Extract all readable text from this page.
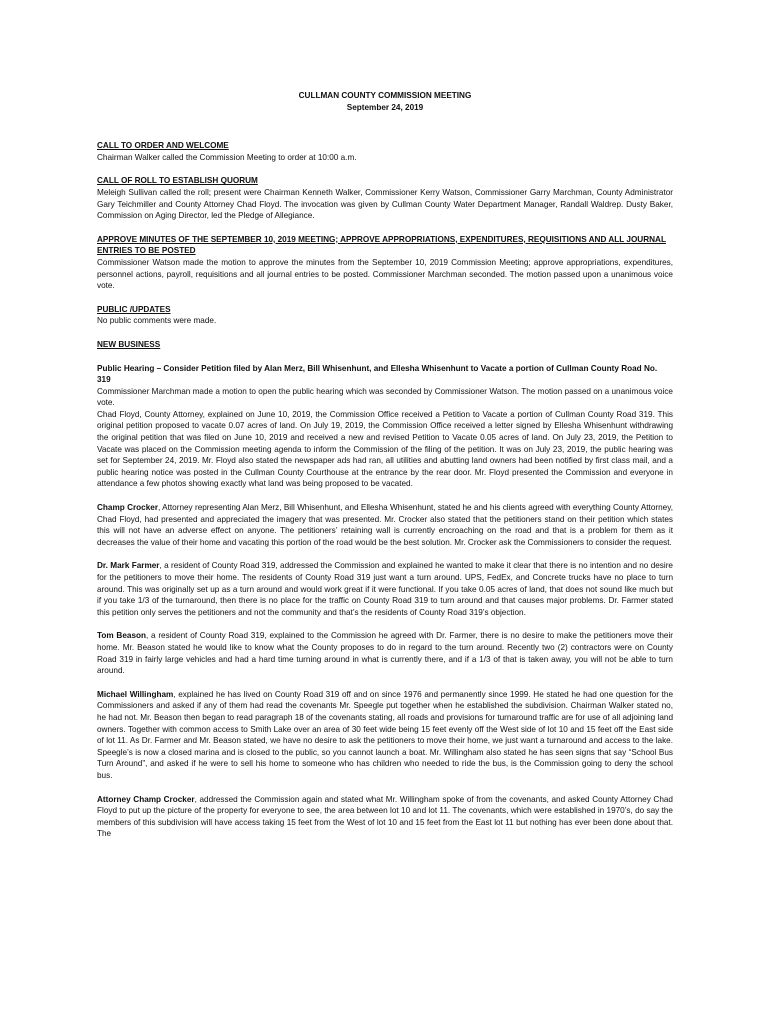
CULLMAN COUNTY COMMISSION MEETING
September 24, 2019
CALL TO ORDER AND WELCOME

Chairman Walker called the Commission Meeting to order at 10:00 a.m.

CALL OF ROLL TO ESTABLISH QUORUM

Meleigh Sullivan called the roll; present were Chairman Kenneth Walker, Commissioner Kerry Watson, Commissioner Garry Marchman, County Administrator Gary Teichmiller and County Attorney Chad Floyd. The invocation was given by Cullman County Water Department Manager, Randall Waldrep. Dusty Baker, Commission on Aging Director, led the Pledge of Allegiance.

APPROVE MINUTES OF THE SEPTEMBER 10, 2019 MEETING; APPROVE APPROPRIATIONS, EXPENDITURES, REQUISITIONS AND ALL JOURNAL ENTRIES TO BE POSTED

Commissioner Watson made the motion to approve the minutes from the September 10, 2019 Commission Meeting; approve appropriations, expenditures, personnel actions, payroll, requisitions and all journal entries to be posted. Commissioner Marchman seconded. The motion passed upon a unanimous voice vote.

PUBLIC /UPDATES

No public comments were made.

NEW BUSINESS
Public Hearing – Consider Petition filed by Alan Merz, Bill Whisenhunt, and Ellesha Whisenhunt to Vacate a portion of Cullman County Road No. 319

Commissioner Marchman made a motion to open the public hearing which was seconded by Commissioner Watson. The motion passed on a unanimous voice vote.

Chad Floyd, County Attorney, explained on June 10, 2019, the Commission Office received a Petition to Vacate a portion of Cullman County Road 319. This original petition proposed to vacate 0.07 acres of land. On July 19, 2019, the Commission Office received a letter signed by Ellesha Whisenhunt withdrawing the original petition that was filed on June 10, 2019 and received a new and revised Petition to Vacate 0.05 acres of land. On July 23, 2019, the Petition to Vacate was placed on the Commission meeting agenda to inform the Commission of the filing of the petition. It was on July 23, 2019, the public hearing was set for September 24, 2019. Mr. Floyd also stated the newspaper ads had ran, all utilities and abutting land owners had been notified by first class mail, and a public hearing notice was posted in the Cullman County Courthouse at the entrance by the rear door. Mr. Floyd presented the Commission and everyone in attendance a few photos showing exactly what land was being proposed to be vacated.

Champ Crocker, Attorney representing Alan Merz, Bill Whisenhunt, and Ellesha Whisenhunt, stated he and his clients agreed with everything County Attorney, Chad Floyd, had presented and appreciated the imagery that was presented. Mr. Crocker also stated that the petitioners stand on their petition which states this will not have an adverse effect on anyone. The petitioners’ retaining wall is currently encroaching on the road and that is a problem for them as it decreases the value of their home and vacating this portion of the road would be the best solution. Mr. Crocker ask the Commissioners to consider the request.

Dr. Mark Farmer, a resident of County Road 319, addressed the Commission and explained he wanted to make it clear that there is no intention and no desire for the petitioners to move their home. The residents of County Road 319 just want a turn around. UPS, FedEx, and Concrete trucks have no place to turn around. This was originally set up as a turn around and would work great if it were functional. If you take 0.05 acres of land, that does not sound like much but if you take 1/3 of the turnaround, then there is no place for the traffic on County Road 319 to turn around and that causes major problems. Dr. Farmer stated this petition only serves the petitioners and not the community and that’s the residents of County Road 319’s objection.

Tom Beason, a resident of County Road 319, explained to the Commission he agreed with Dr. Farmer, there is no desire to make the petitioners move their home. Mr. Beason stated he would like to know what the County proposes to do in regard to the turn around. Recently two (2) contractors were on County Road 319 in fairly large vehicles and had a hard time turning around in what is currently there, and if a 1/3 of that is taken away, you will not be able to turn around.

Michael Willingham, explained he has lived on County Road 319 off and on since 1976 and permanently since 1999. He stated he had one question for the Commissioners and asked if any of them had read the covenants Mr. Speegle put together when he established the subdivision. Chairman Walker stated no, he had not. Mr. Beason then began to read paragraph 18 of the covenants stating, all roads and provisions for turnaround traffic are for use of all adjoining land owners. Together with common access to Smith Lake over an area of 30 feet wide being 15 feet evenly off the West side of lot 10 and 15 feet off the East side of lot 11. As Dr. Farmer and Mr. Beason stated, we have no desire to ask the petitioners to move their home, we just want a turnaround and access to the lake. Speegle’s is now a closed marina and is closed to the public, so you cannot launch a boat. Mr. Willingham also stated he has seen signs that say “School Bus Turn Around”, and asked if he were to sell his home to someone who has children who needed to ride the bus, is the Commission going to deny the school bus.

Attorney Champ Crocker, addressed the Commission again and stated what Mr. Willingham spoke of from the covenants, and asked County Attorney Chad Floyd to put up the picture of the property for everyone to see, the area between lot 10 and lot 11. The covenants, which were established in 1970’s, do say the members of this subdivision will have access taking 15 feet from the West of lot 10 and 15 feet from the East lot 11 but nothing has ever been done about that. The
